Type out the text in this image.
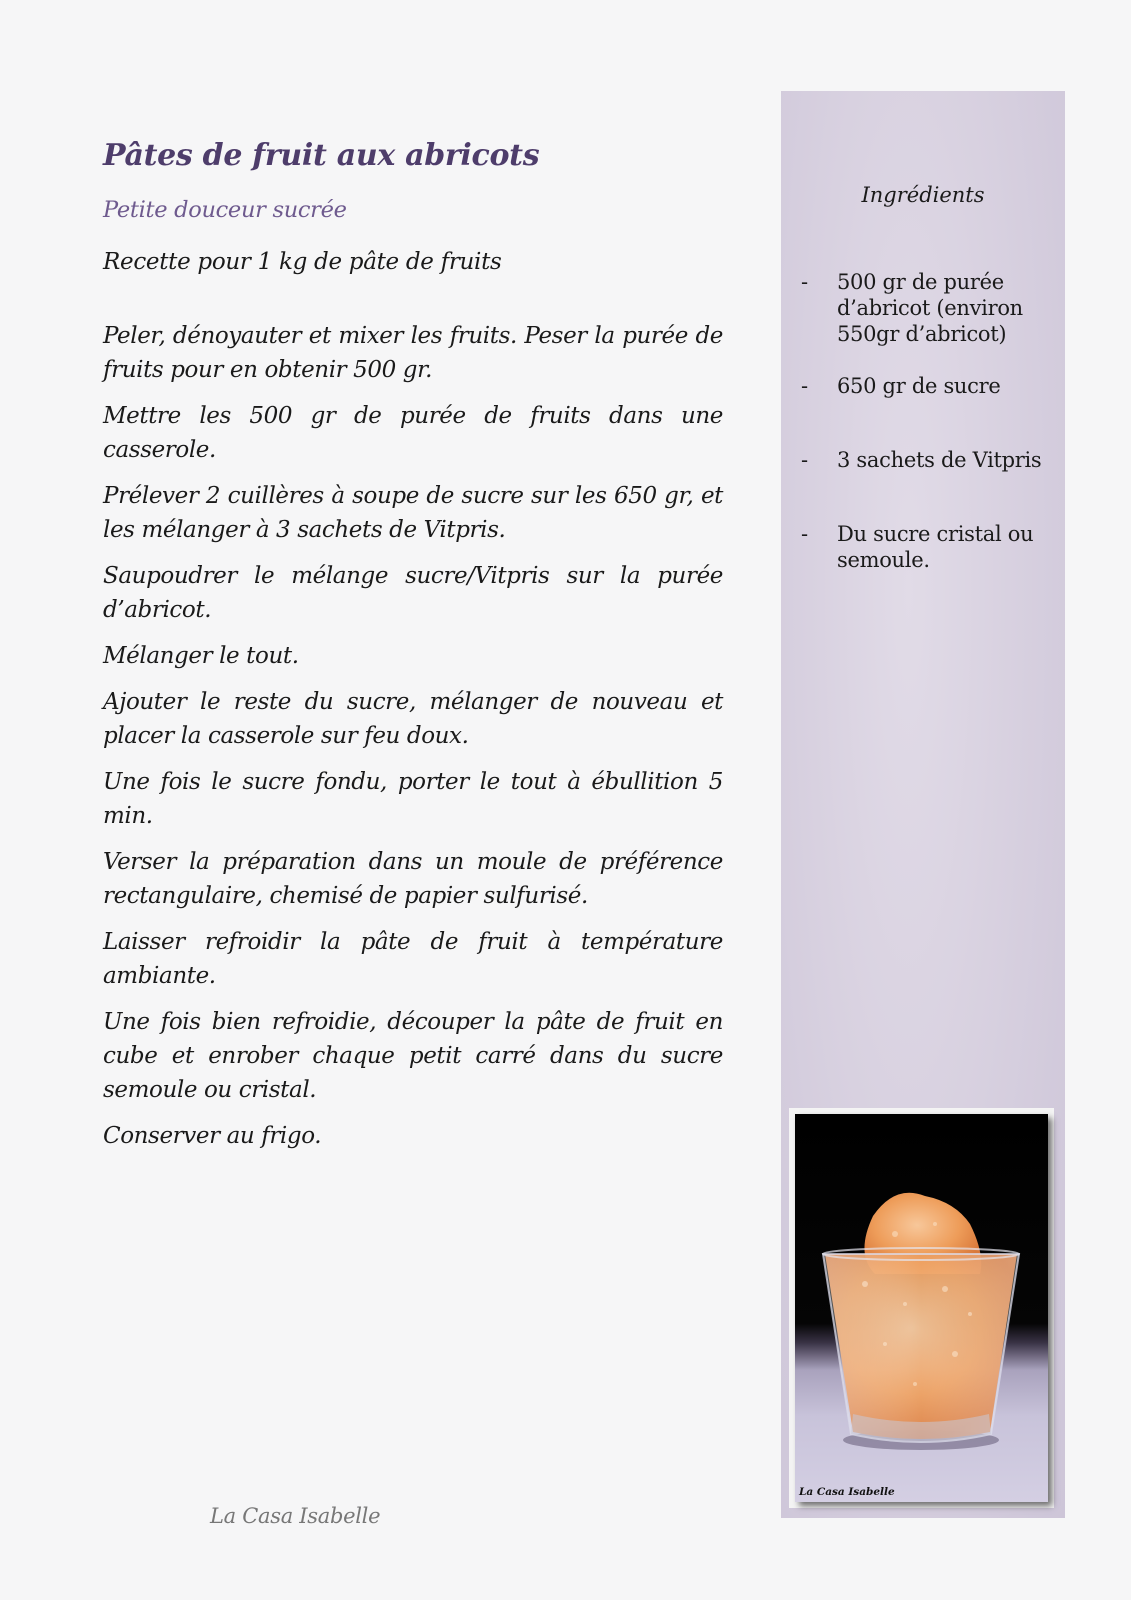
Pâtes de fruit aux abricots
Petite douceur sucrée
Recette pour 1 kg de pâte de fruits

Peler, dénoyauter et mixer les fruits. Peser la purée de fruits pour en obtenir 500 gr.

Mettre les 500 gr de purée de fruits dans une casserole.

Prélever 2 cuillères à soupe de sucre sur les 650 gr, et les mélanger à 3 sachets de Vitpris.

Saupoudrer le mélange sucre/Vitpris sur la purée d’abricot.

Mélanger le tout.

Ajouter le reste du sucre, mélanger de nouveau et placer la casserole sur feu doux.

Une fois le sucre fondu, porter le tout à ébullition 5 min.

Verser la préparation dans un moule de préférence rectangulaire, chemisé de papier sulfurisé.

Laisser refroidir la pâte de fruit à température ambiante.

Une fois bien refroidie, découper la pâte de fruit en cube et enrober chaque petit carré dans du sucre semoule ou cristal.

Conserver au frigo.

La Casa Isabelle
Ingrédients
-	500 gr de purée d’abricot (environ 550gr d’abricot)
-	650 gr de sucre
-	3 sachets de Vitpris
-	Du sucre cristal ou semoule.
La Casa Isabelle
